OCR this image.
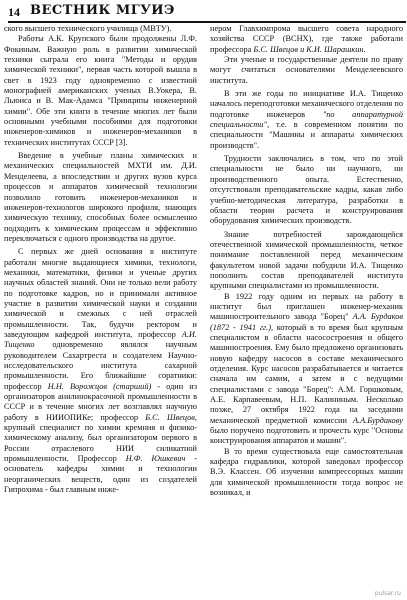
14 ВЕСТНИК МГУИЭ

ского высшего технического училища (МВТУ).

Работы А.К. Крупского были продолжены Л.Ф. Фокиным. Важную роль в развитии химической техники сыграла его книга "Методы и орудия химической техники", первая часть которой вышла в свет в 1923 году одновременно с известной монографией американских ученых В.Уокера, В. Льюиса и В. Мак-Адамса "Принципы инженерной химии". Обе эти книги в течение многих лет были основными учебными пособиями для подготовки инженеров-химиков и инженеров-механиков в технических институтах СССР [3].

Введение в учебные планы химических и механических специальностей МХТИ им. Д.И. Менделеева, а впоследствии и других вузов курса процессов и аппаратов химической технологии позволило готовить инженеров-механиков и инженеров-технологов широкого профиля, знающих химическую технику, способных более осмысленно подходить к химическим процессам и эффективно переключаться с одного производства на другое.

С первых же дней основания в институте работали многие выдающиеся химики, технологи, механики, математики, физики и ученые других научных областей знаний. Они не только вели работу по подготовке кадров, но и принимали активное участие в развитии химической науки и создании химической и смежных с ней отраслей промышленности. Так, будучи ректором и заведующим кафедрой института, профессор А.И. Тищенко одновременно являлся научным руководителем Сахартреста и создателем Научно-исследовательского института сахарной промышленности. Его ближайшие соратники: профессор Н.Н. Ворожцов (старший) - один из организаторов анилинокрасочной промышленности в СССР и в течение многих лет возглавлял научную работу в НИИОПИКе; профессор Б.С. Швецов, крупный специалист по химии кремния и физико-химическому анализу, был организатором первого в России отраслевого НИИ силикатной промышленности. Профессор Н.Ф. Юшкевич - основатель кафедры химии и технологии неорганических веществ, один из создателей Гипрохима - был главным инже-

нером Главхимпрома высшего совета народного хозяйства СССР (ВСНХ), где также работали профессора Б.С. Швецов и К.И. Шарашкин.

Эти ученые и государственные деятели по праву могут считаться основателями Менделеевского института.

В эти же годы по инициативе И.А. Тищенко началось переподготовки механического отделения по подготовке инженеров "по аппаратурной специальности", т.е. в современном понятии по специальности "Машины и аппараты химических производств".

Трудности заключались в том, что по этой специальности не было ни научного, ни производственного опыта. Естественно, отсутствовали преподавательские кадры, какая либо учебно-методическая литература, разработки в области теории расчета и конструирования оборудования химических производств.

Знание потребностей зарождающейся отечественной химической промышленности, четкое понимание поставленной перед механическим факультетом новой задачи побудили И.А. Тищенко пополнить состав преподавателей института крупными специалистами из промышленности.

В 1922 году одним из первых на работу в институт был приглашен инженер-механик машиностроительного завода "Борец" А.А. Бурдаков (1872 - 1941 гг.), который в то время был крупным специалистом в области насосостроения и общего машиностроения. Ему было предложено организовать новую кафедру насосов в составе механического отделения. Курс насосов разрабатывается и читается сначала им самим, а затем и с ведущими специалистами с завода "Борец": А.М. Горшковым, А.Е. Карпавеевым, Н.П. Калининым. Несколько позже, 27 октября 1922 года на заседании механической предметной комиссии А.А.Бурдакову было поручено подготовить и прочесть курс "Основы конструирования аппаратов и машин".

В то время существовала еще самостоятельная кафедра гидравлики, которой заведовал профессор В.Э. Классен. Об изучении компрессорных машин для химической промышленности тогда вопрос не возникал, и

pulsar.ru
